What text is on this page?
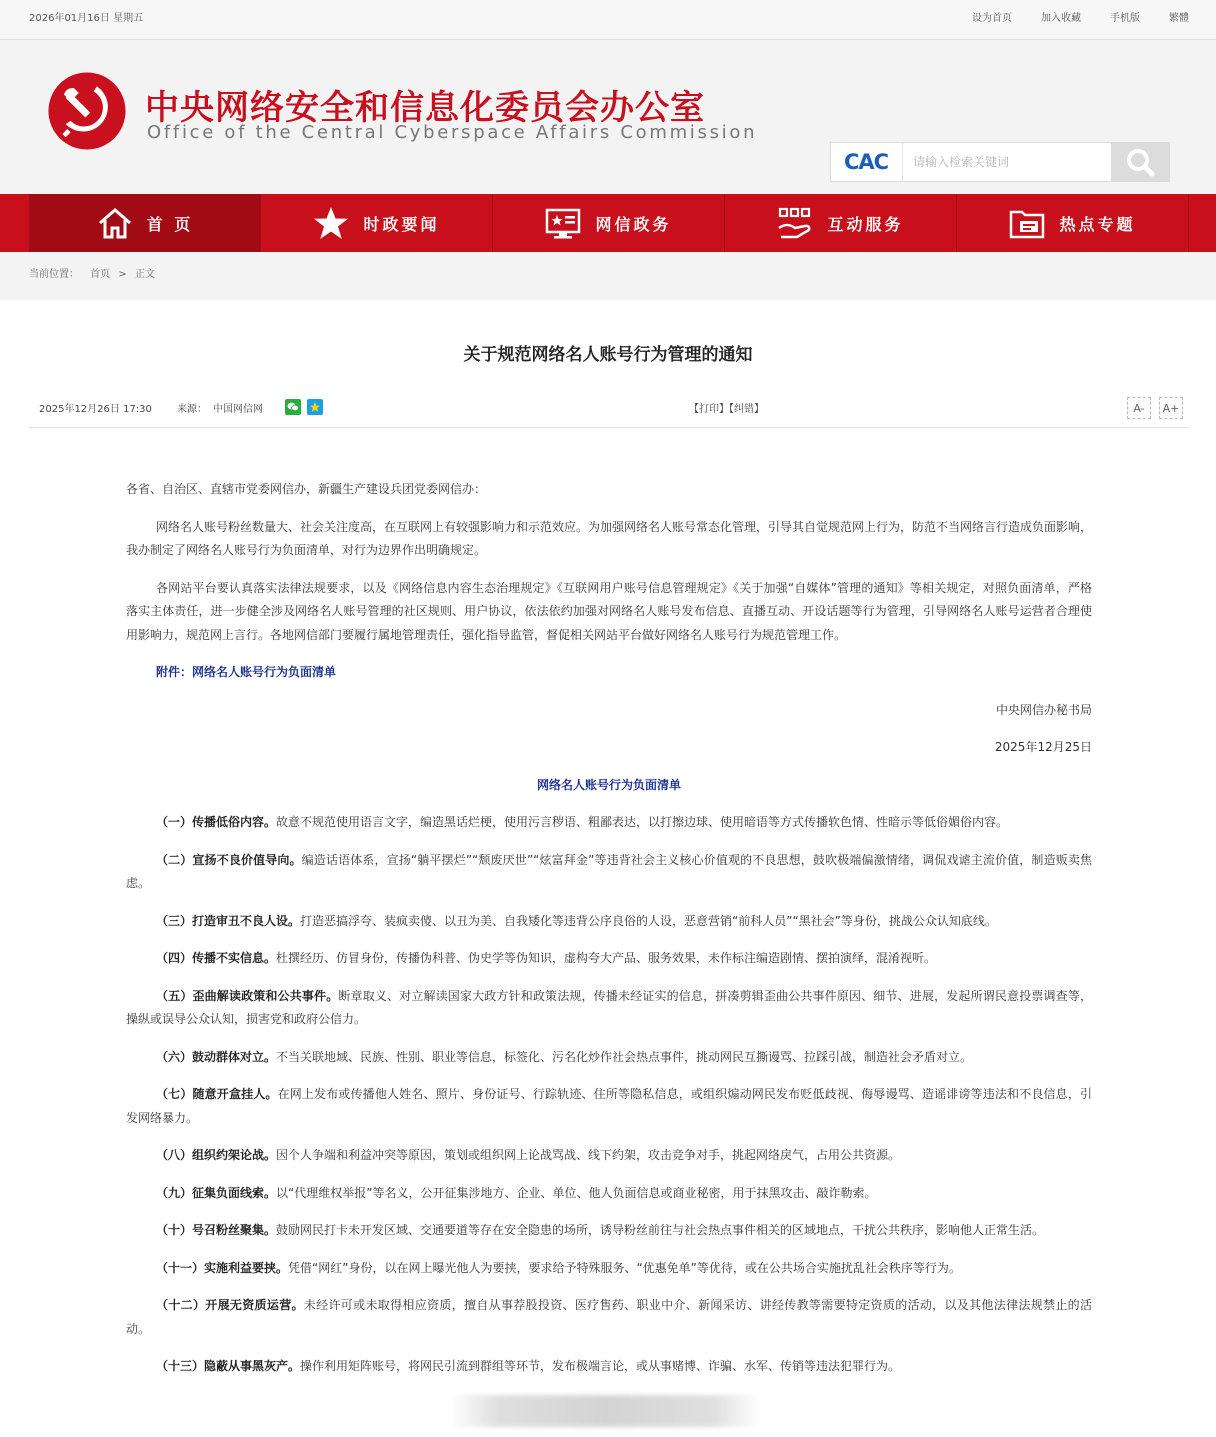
2026年01月16日 星期五	设为首页	加入收藏	手机版	繁體
中央网络安全和信息化委员会办公室
Office of the Central Cyberspace Affairs Commission
CAC
请输入检索关键词
首 页	时政要闻	网信政务	互动服务	热点专题
当前位置： 首页 > 正文
关于规范网络名人账号行为管理的通知
2025年12月26日 17:30	来源： 中国网信网	【打印】【纠错】	A-	A+

各省、自治区、直辖市党委网信办，新疆生产建设兵团党委网信办：

网络名人账号粉丝数量大、社会关注度高，在互联网上有较强影响力和示范效应。为加强网络名人账号常态化管理，引导其自觉规范网上行为，防范不当网络言行造成负面影响，我办制定了网络名人账号行为负面清单，对行为边界作出明确规定。

各网站平台要认真落实法律法规要求，以及《网络信息内容生态治理规定》《互联网用户账号信息管理规定》《关于加强“自媒体”管理的通知》等相关规定，对照负面清单，严格落实主体责任，进一步健全涉及网络名人账号管理的社区规则、用户协议，依法依约加强对网络名人账号发布信息、直播互动、开设话题等行为管理，引导网络名人账号运营者合理使用影响力，规范网上言行。各地网信部门要履行属地管理责任，强化指导监管，督促相关网站平台做好网络名人账号行为规范管理工作。

附件：网络名人账号行为负面清单

中央网信办秘书局

2025年12月25日

网络名人账号行为负面清单

（一）传播低俗内容。故意不规范使用语言文字，编造黑话烂梗，使用污言秽语、粗鄙表达，以打擦边球、使用暗语等方式传播软色情、性暗示等低俗媚俗内容。

（二）宣扬不良价值导向。编造话语体系，宣扬“躺平摆烂”“颓废厌世”“炫富拜金”等违背社会主义核心价值观的不良思想，鼓吹极端偏激情绪，调侃戏谑主流价值，制造贩卖焦虑。

（三）打造审丑不良人设。打造恶搞浮夸、装疯卖傻、以丑为美、自我矮化等违背公序良俗的人设，恶意营销“前科人员”“黑社会”等身份，挑战公众认知底线。

（四）传播不实信息。杜撰经历、仿冒身份，传播伪科普、伪史学等伪知识，虚构夸大产品、服务效果，未作标注编造剧情、摆拍演绎，混淆视听。

（五）歪曲解读政策和公共事件。断章取义、对立解读国家大政方针和政策法规，传播未经证实的信息，拼凑剪辑歪曲公共事件原因、细节、进展，发起所谓民意投票调查等，操纵或误导公众认知，损害党和政府公信力。

（六）鼓动群体对立。不当关联地域、民族、性别、职业等信息，标签化、污名化炒作社会热点事件，挑动网民互撕谩骂、拉踩引战，制造社会矛盾对立。

（七）随意开盒挂人。在网上发布或传播他人姓名、照片、身份证号、行踪轨迹、住所等隐私信息，或组织煽动网民发布贬低歧视、侮辱谩骂、造谣诽谤等违法和不良信息，引发网络暴力。

（八）组织约架论战。因个人争端和利益冲突等原因，策划或组织网上论战骂战、线下约架，攻击竞争对手，挑起网络戾气，占用公共资源。

（九）征集负面线索。以“代理维权举报”等名义，公开征集涉地方、企业、单位、他人负面信息或商业秘密，用于抹黑攻击、敲诈勒索。

（十）号召粉丝聚集。鼓励网民打卡未开发区域、交通要道等存在安全隐患的场所，诱导粉丝前往与社会热点事件相关的区域地点，干扰公共秩序，影响他人正常生活。

（十一）实施利益要挟。凭借“网红”身份，以在网上曝光他人为要挟，要求给予特殊服务、“优惠免单”等优待，或在公共场合实施扰乱社会秩序等行为。

（十二）开展无资质运营。未经许可或未取得相应资质，擅自从事荐股投资、医疗售药、职业中介、新闻采访、讲经传教等需要特定资质的活动，以及其他法律法规禁止的活动。

（十三）隐蔽从事黑灰产。操作利用矩阵账号，将网民引流到群组等环节，发布极端言论，或从事赌博、诈骗、水军、传销等违法犯罪行为。
